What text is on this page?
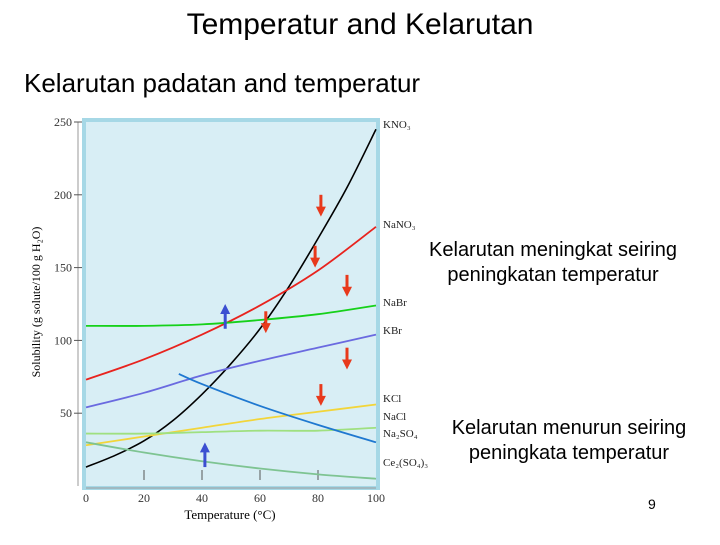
Temperatur and Kelarutan
Kelarutan padatan and temperatur
50
100
150
200
250
0	20	40	60	80	100
KNO₃
NaNO₃
NaBr
KBr
KCl
NaCl
Na₂SO₄
Ce₂(SO₄)₃
Solubility (g solute/100 g H₂O)
Temperature (°C)
Kelarutan meningkat seiring peningkatan temperatur
Kelarutan menurun seiring peningkata temperatur
9
